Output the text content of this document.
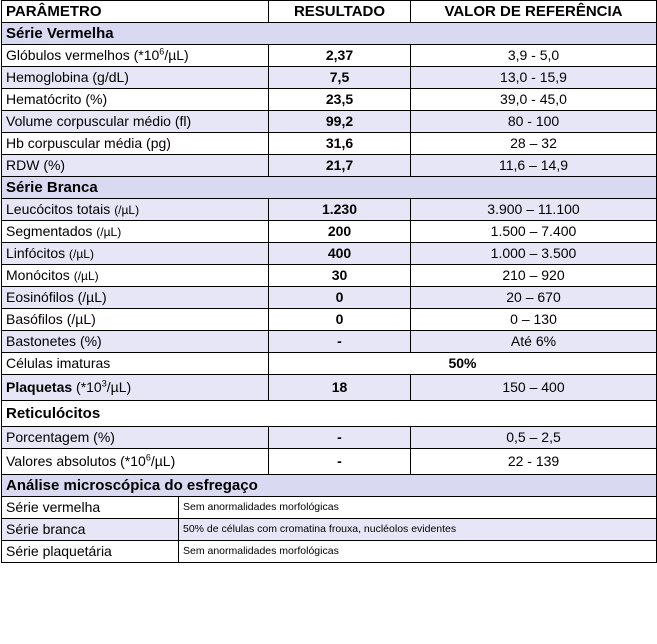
PARÂMETRO		RESULTADO	VALOR DE REFERÊNCIA
Série Vermelha			
Glóbulos vermelhos $(*10^6/\mu L)$		2,37	3,9 - 5,0
Hemoglobina (g/dL)		7,5	13,0 - 15,9
Hematócrito (%)		23,5	39,0 - 45,0
Volume corpuscular médio (fl)		99,2	80 - 100
Hb corpuscular média (pg)		31,6	28 – 32
RDW (%)		21,7	11,6 – 14,9
Série Branca			
Leucócitos totais (/µL)		1.230	3.900 – 11.100
Segmentados (/µL)		200	1.500 – 7.400
Linfócitos (/µL)		400	1.000 – 3.500
Monócitos (/µL)		30	210 – 920
Eosinófilos (/µL)		0	20 – 670
Basófilos (/µL)		0	0 – 130
Bastonetes (%)		-	Até 6%
Células imaturas		50%	
Plaquetas $(*10^3/\mu L)$		18	150 – 400
Reticulócitos			
Porcentagem (%)		-	0,5 – 2,5
Valores absolutos $(*10^6/\mu L)$		-	22 - 139
Análise microscópica do esfregaço			
Série vermelha	Sem anormalidades morfológicas		
Série branca	50% de células com cromatina frouxa, nucléolos evidentes		
Série plaquetária	Sem anormalidades morfológicas		
